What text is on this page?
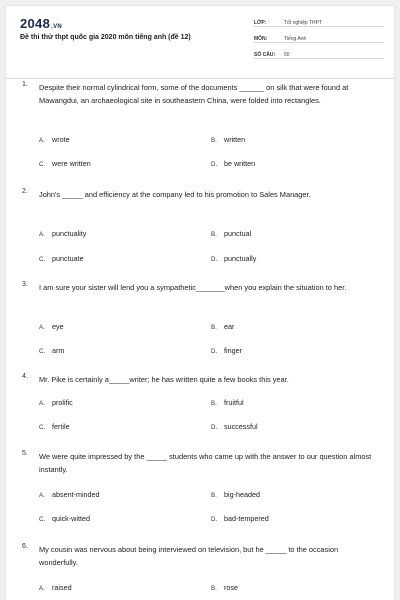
2048.VN
Đề thi thử thpt quốc gia 2020 môn tiếng anh (đề 12)
LỚP:	Tốt nghiệp THPT
MÔN:	Tiếng Anh
SỐ CÂU:	50
1. Despite their normal cylindrical form, some of the documents ______ on silk that were found at Mawangdui, an archaeological site in southeastern China, were folded into rectangles.
A. wrote	B. written
C. were written	D. be written
2. John's _____ and efficiency at the company led to his promotion to Sales Manager.
A. punctuality	B. punctual
C. punctuate	D. punctually
3. I am sure your sister will lend you a sympathetic_______when you explain the situation to her.
A. eye	B. ear
C. arm	D. finger
4. Mr. Pike is certainly a_____writer; he has written quite a few books this year.
A. prolific	B. fruitful
C. fertile	D. successful
5. We were quite impressed by the _____ students who came up with the answer to our question almost instantly.
A. absent-minded	B. big-headed
C. quick-witted	D. bad-tempered
6. My cousin was nervous about being interviewed on television, but he _____ to the occasion wonderfully.
A. raised	B. rose
